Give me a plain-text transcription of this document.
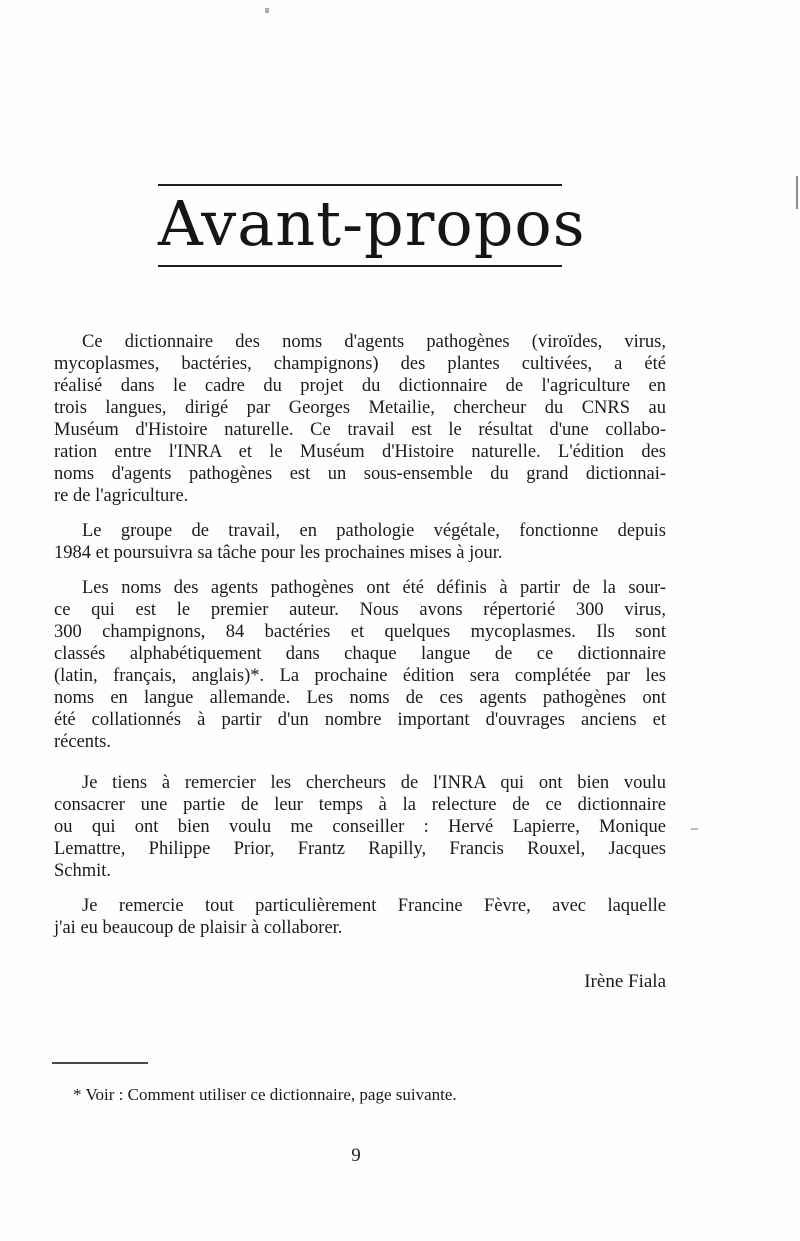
Avant-propos
Ce dictionnaire des noms d'agents pathogènes (viroïdes, virus,
mycoplasmes, bactéries, champignons) des plantes cultivées, a été
réalisé dans le cadre du projet du dictionnaire de l'agriculture en
trois langues, dirigé par Georges Metailie, chercheur du CNRS au
Muséum d'Histoire naturelle. Ce travail est le résultat d'une collabo-
ration entre l'INRA et le Muséum d'Histoire naturelle. L'édition des
noms d'agents pathogènes est un sous-ensemble du grand dictionnai-
re de l'agriculture.
Le groupe de travail, en pathologie végétale, fonctionne depuis
1984 et poursuivra sa tâche pour les prochaines mises à jour.
Les noms des agents pathogènes ont été définis à partir de la sour-
ce qui est le premier auteur. Nous avons répertorié 300 virus,
300 champignons, 84 bactéries et quelques mycoplasmes. Ils sont
classés alphabétiquement dans chaque langue de ce dictionnaire
(latin, français, anglais)*. La prochaine édition sera complétée par les
noms en langue allemande. Les noms de ces agents pathogènes ont
été collationnés à partir d'un nombre important d'ouvrages anciens et
récents.
Je tiens à remercier les chercheurs de l'INRA qui ont bien voulu
consacrer une partie de leur temps à la relecture de ce dictionnaire
ou qui ont bien voulu me conseiller : Hervé Lapierre, Monique
Lemattre, Philippe Prior, Frantz Rapilly, Francis Rouxel, Jacques
Schmit.
Je remercie tout particulièrement Francine Fèvre, avec laquelle
j'ai eu beaucoup de plaisir à collaborer.
Irène Fiala
* Voir : Comment utiliser ce dictionnaire, page suivante.
9
